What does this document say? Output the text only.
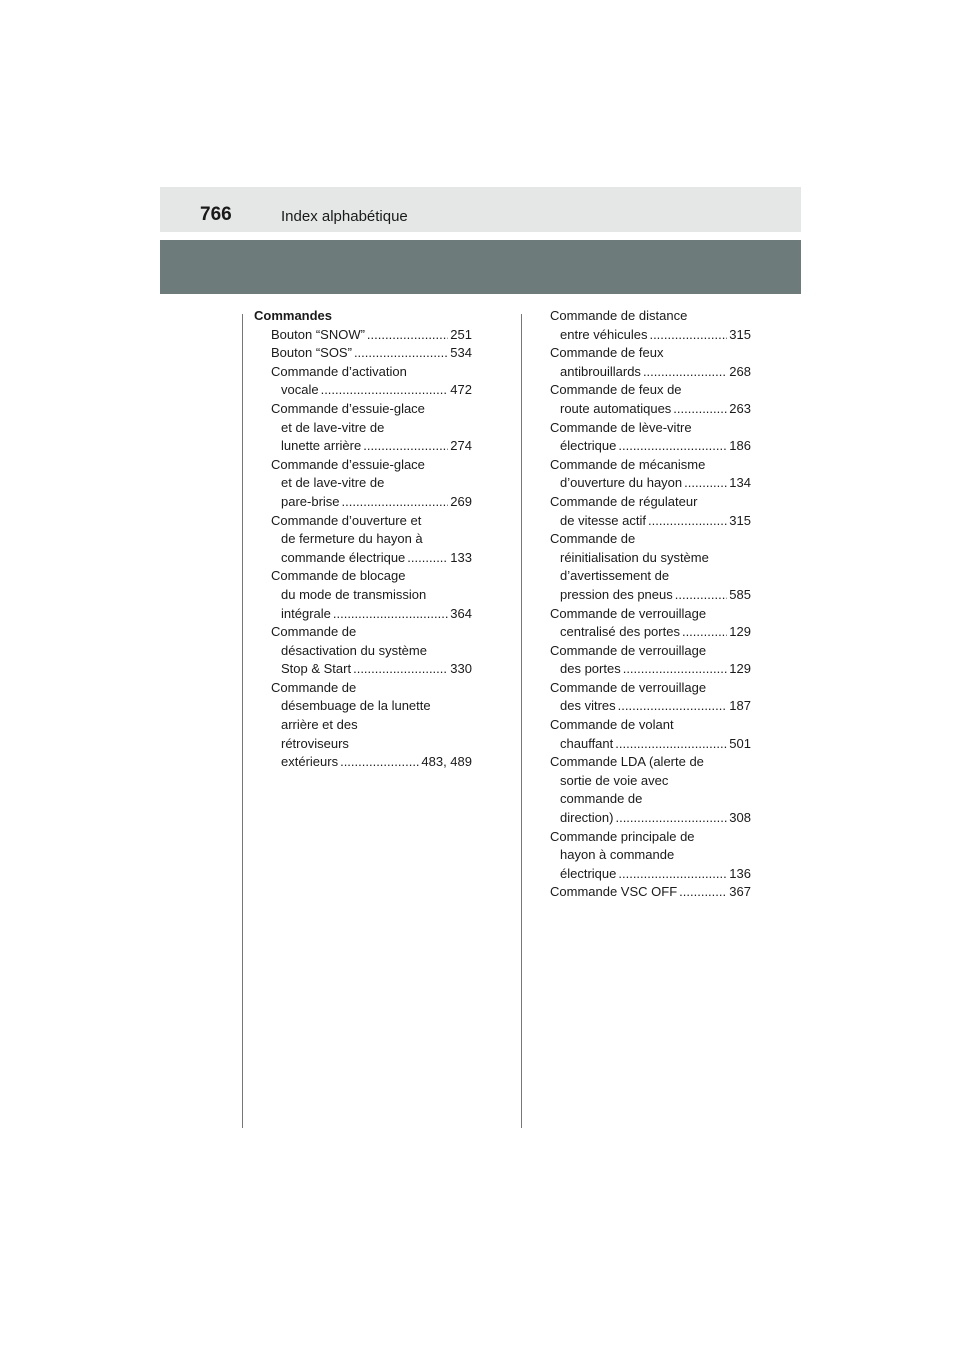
766	Index alphabétique
Commandes
Bouton “SNOW” .....	251
Bouton “SOS” .....	534
Commande d’activation
vocale .....	472
Commande d’essuie-glace
et de lave-vitre de
lunette arrière .....	274
Commande d’essuie-glace
et de lave-vitre de
pare-brise .....	269
Commande d’ouverture et
de fermeture du hayon à
commande électrique .....	133
Commande de blocage
du mode de transmission
intégrale .....	364
Commande de
désactivation du système
Stop & Start .....	330
Commande de
désembuage de la lunette
arrière et des
rétroviseurs
extérieurs .....	483, 489
Commande de distance
entre véhicules .....	315
Commande de feux
antibrouillards .....	268
Commande de feux de
route automatiques .....	263
Commande de lève-vitre
électrique .....	186
Commande de mécanisme
d’ouverture du hayon .....	134
Commande de régulateur
de vitesse actif .....	315
Commande de
réinitialisation du système
d’avertissement de
pression des pneus .....	585
Commande de verrouillage
centralisé des portes .....	129
Commande de verrouillage
des portes .....	129
Commande de verrouillage
des vitres .....	187
Commande de volant
chauffant .....	501
Commande LDA (alerte de
sortie de voie avec
commande de
direction) .....	308
Commande principale de
hayon à commande
électrique .....	136
Commande VSC OFF .....	367
